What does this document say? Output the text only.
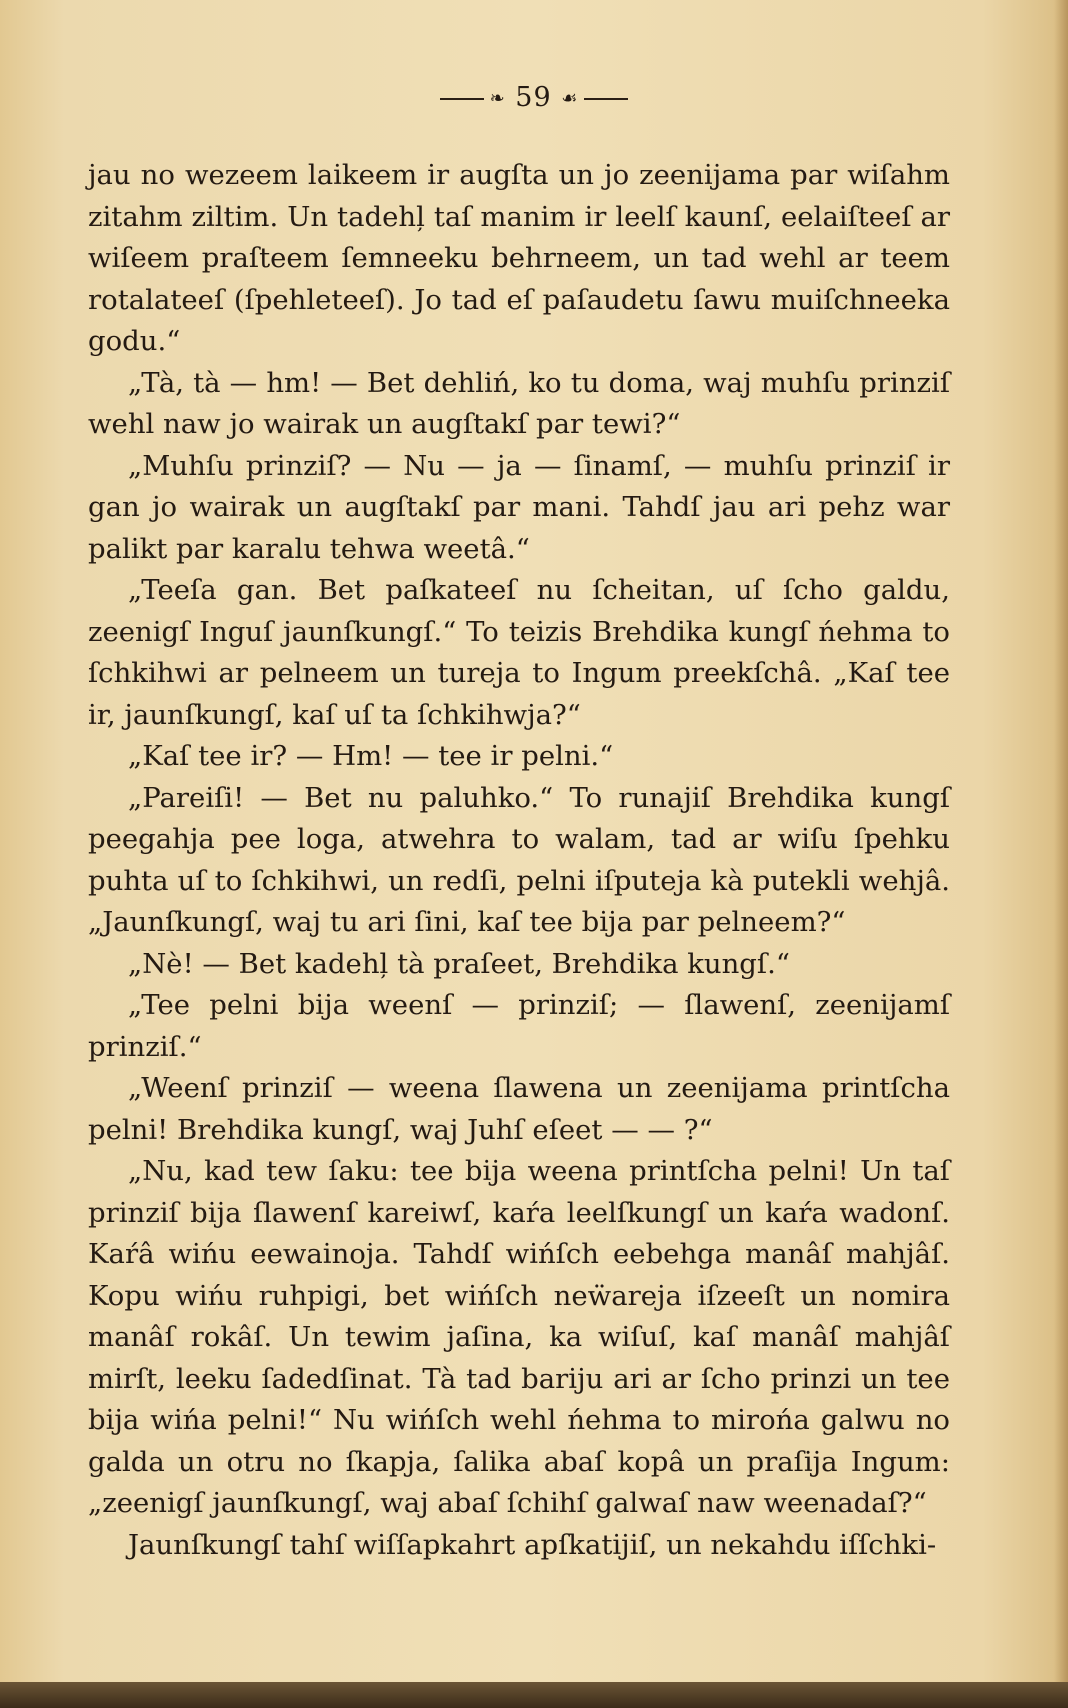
❧ 59 ☙

jau no wezeem laikeem ir augſta un jo zeenijama par wiſahm zitahm ziltim. Un tadehļ taſ manim ir leelſ kaunſ, eelaiſteeſ ar wiſeem praſteem ſemneeku behrneem, un tad wehl ar teem rotalateeſ (ſpehleteeſ). Jo tad eſ paſaudetu ſawu muiſchneeka godu.“

„Tà, tà — hm! — Bet dehliń, ko tu doma, waj muhſu prinziſ wehl naw jo wairak un augſtakſ par tewi?“

„Muhſu prinziſ? — Nu — ja — ſinamſ, — muhſu prinziſ ir gan jo wairak un augſtakſ par mani. Tahdſ jau ari pehz war palikt par karalu tehwa weetâ.“

„Teeſa gan. Bet paſkateeſ nu ſcheitan, uſ ſcho galdu, zeenigſ Inguſ jaunſkungſ.“ To teizis Brehdika kungſ ńehma to ſchkihwi ar pelneem un tureja to Ingum preekſchâ. „Kaſ tee ir, jaunſkungſ, kaſ uſ ta ſchkihwja?“

„Kaſ tee ir? — Hm! — tee ir pelni.“

„Pareiſi! — Bet nu paluhko.“ To runajiſ Brehdika kungſ peegahja pee loga, atwehra to walam, tad ar wiſu ſpehku puhta uſ to ſchkihwi, un redſi, pelni iſputeja kà putekli wehjâ. „Jaunſkungſ, waj tu ari ſini, kaſ tee bija par pelneem?“

„Nè! — Bet kadehļ tà praſeet, Brehdika kungſ.“

„Tee pelni bija weenſ — prinziſ; — ſlawenſ, zeenijamſ prinziſ.“

„Weenſ prinziſ — weena ſlawena un zeenijama printſcha pelni! Brehdika kungſ, waj Juhſ eſeet — — ?“

„Nu, kad tew ſaku: tee bija weena printſcha pelni! Un taſ prinziſ bija ſlawenſ kareiwſ, kaŕa leelſkungſ un kaŕa wadonſ. Kaŕâ wińu eewainoja. Tahdſ wińſch eebehga manâſ mahjâſ. Kopu wińu ruhpigi, bet wińſch neẅareja iſzeeſt un nomira manâſ rokâſ. Un tewim jaſina, ka wiſuſ, kaſ manâſ mahjâſ mirſt, leeku ſadedſinat. Tà tad bariju ari ar ſcho prinzi un tee bija wińa pelni!“ Nu wińſch wehl ńehma to mirońa galwu no galda un otru no ſkapja, ſalika abaſ kopâ un praſija Ingum: „zeenigſ jaunſkungſ, waj abaſ ſchihſ galwaſ naw weenadaſ?“

Jaunſkungſ tahſ wiſſapkahrt apſkatijiſ, un nekahdu iſſchki-
